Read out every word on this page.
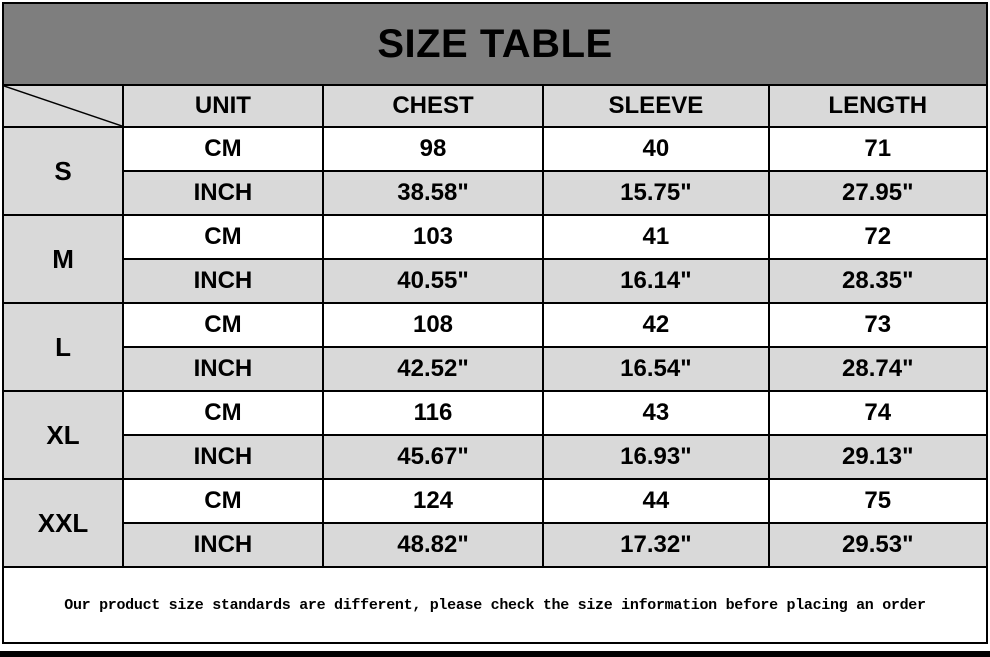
SIZE TABLE				

	UNIT	CHEST	SLEEVE	LENGTH
S	CM	98	40	71
	INCH	38.58"	15.75"	27.95"
M	CM	103	41	72
	INCH	40.55"	16.14"	28.35"
L	CM	108	42	73
	INCH	42.52"	16.54"	28.74"
XL	CM	116	43	74
	INCH	45.67"	16.93"	29.13"
XXL	CM	124	44	75
	INCH	48.82"	17.32"	29.53"
Our product size standards are different, please check the size information before placing an order
